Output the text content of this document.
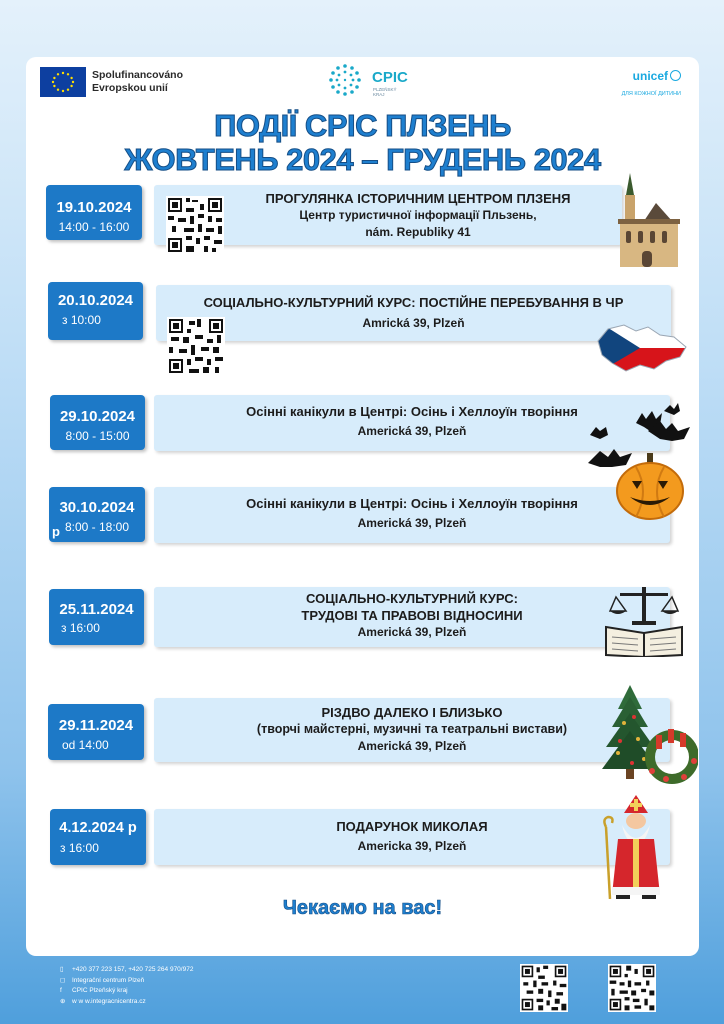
Spolufinancováno
Evropskou unií
CPIC
PLZEŇSKÝ
KRAJ
unicef
ДЛЯ КОЖНОЇ ДИТИНИ
ПОДІЇ CPIC ПЛЗЕНЬ
ЖОВТЕНЬ 2024 – ГРУДЕНЬ 2024
19.10.2024
14:00 - 16:00
ПРОГУЛЯНКА ІСТОРИЧНИМ ЦЕНТРОМ ПЛЗЕНЯ
Центр туристичної інформації Пльзень,
nám. Republiky 41
20.10.2024
з 10:00
СОЦІАЛЬНО-КУЛЬТУРНИЙ КУРС: ПОСТІЙНЕ ПЕРЕБУВАННЯ В ЧР
Amrická 39, Plzeň
29.10.2024
8:00 - 15:00
Осінні канікули в Центрі: Осінь і Хеллоуїн творіння
Americká 39, Plzeň
30.10.2024
8:00 - 18:00
p
Осінні канікули в Центрі: Осінь і Хеллоуїн творіння
Americká 39, Plzeň
25.11.2024
з 16:00
СОЦІАЛЬНО-КУЛЬТУРНИЙ КУРС:
ТРУДОВІ ТА ПРАВОВІ ВІДНОСИНИ
Americká 39, Plzeň
29.11.2024
od 14:00
РІЗДВО ДАЛЕКО І БЛИЗЬКО
(творчі майстерні, музичні та театральні вистави)
Americká 39, Plzeň
4.12.2024 р
з 16:00
ПОДАРУНОК МИКОЛАЯ
Americka 39, Plzeň
Чекаємо на вас!
▯ +420 377 223 157, +420 725 264 970/972
◻ Integrační centrum Plzeň
f CPIC Plzeňský kraj
⊕ w w w.integracnicentra.cz
